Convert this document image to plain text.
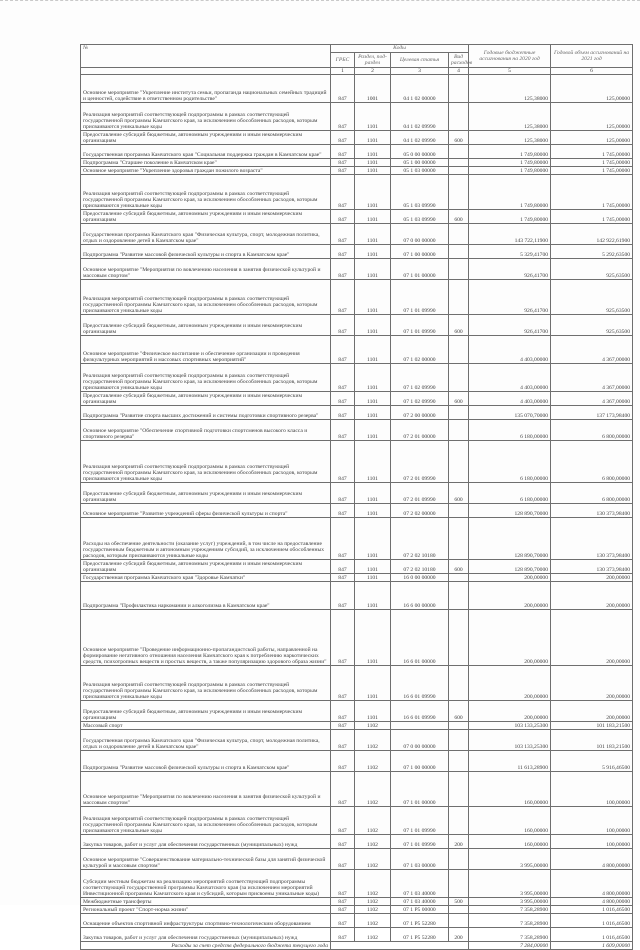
№	Коды				Годовые бюджетные ассигнования на 2020 год	Годовой объем ассигнований на 2021 год
	ГРБС	Раздел, под-раздел	Целевая статья	Вид расходов		
	1	2	3	4	5	6
Основное мероприятие "Укрепление института семьи, пропаганда национальных семейных традиций и ценностей, содействие в ответственном родительстве"	847	1001	04 1 02 00000		125,38000	125,00000
Реализация мероприятий соответствующей подпрограммы в рамках соответствующей государственной программы Камчатского края, за исключением обособленных расходов, которым присваиваются уникальные коды	847	1101	04 1 02 09990		125,38000	125,00000
Предоставление субсидий бюджетным, автономным учреждениям и иным некоммерческим организациям	847	1101	04 1 02 09990	600	125,38000	125,00000
Государственная программа Камчатского края "Социальная поддержка граждан в Камчатском крае"	847	1101	05 0 00 00000		1 749,80000	1 745,00000
Подпрограмма "Старшее поколение в Камчатском крае"	847	1101	05 1 00 00000		1 749,80000	1 745,00000
Основное мероприятие "Укрепление здоровья граждан пожилого возраста"	847	1101	05 1 03 00000		1 749,80000	1 745,00000
Реализация мероприятий соответствующей подпрограммы в рамках соответствующей государственной программы Камчатского края, за исключением обособленных расходов, которым присваиваются уникальные коды	847	1101	05 1 03 09990		1 749,80000	1 745,00000
Предоставление субсидий бюджетным, автономным учреждениям и иным некоммерческим организациям	847	1101	05 1 03 09990	600	1 749,80000	1 745,00000
Государственная программа Камчатского края "Физическая культура, спорт, молодежная политика, отдых и оздоровление детей в Камчатском крае"	847	1101	07 0 00 00000		143 722,11900	142 922,61900
Подпрограмма "Развитие массовой физической культуры и спорта в Камчатском крае"	847	1101	07 1 00 00000		5 329,41700	5 292,63500
Основное мероприятие "Мероприятия по вовлечению населения в занятия физической культурой и массовым спортом"	847	1101	07 1 01 00000		926,41700	925,63500
Реализация мероприятий соответствующей подпрограммы в рамках соответствующей государственной программы Камчатского края, за исключением обособленных расходов, которым присваиваются уникальные коды	847	1101	07 1 01 09990		926,41700	925,63500
Предоставление субсидий бюджетным, автономным учреждениям и иным некоммерческим организациям	847	1101	07 1 01 09990	600	926,41700	925,63500
Основное мероприятие "Физическое воспитание и обеспечение организации и проведения физкультурных мероприятий и массовых спортивных мероприятий"	847	1101	07 1 02 00000		4 403,00000	4 367,00000
Реализация мероприятий соответствующей подпрограммы в рамках соответствующей государственной программы Камчатского края, за исключением обособленных расходов, которым присваиваются уникальные коды	847	1101	07 1 02 09990		4 403,00000	4 367,00000
Предоставление субсидий бюджетным, автономным учреждениям и иным некоммерческим организациям	847	1101	07 1 02 09990	600	4 403,00000	4 367,00000
Подпрограмма "Развитие спорта высших достижений и системы подготовки спортивного резерва"	847	1101	07 2 00 00000		135 070,70000	137 173,98400
Основное мероприятие "Обеспечение спортивной подготовки спортсменов высокого класса и спортивного резерва"	847	1101	07 2 01 00000		6 180,00000	6 800,00000
Реализация мероприятий соответствующей подпрограммы в рамках соответствующей государственной программы Камчатского края, за исключением обособленных расходов, которым присваиваются уникальные коды	847	1101	07 2 01 09990		6 180,00000	6 800,00000
Предоставление субсидий бюджетным, автономным учреждениям и иным некоммерческим организациям	847	1101	07 2 01 09990	600	6 180,00000	6 800,00000
Основное мероприятие "Развитие учреждений сферы физической культуры и спорта"	847	1101	07 2 02 00000		128 890,70000	130 373,98400
Расходы на обеспечение деятельности (оказание услуг) учреждений, в том числе на предоставление государственным бюджетным и автономным учреждениям субсидий, за исключением обособленных расходов, которым присваиваются уникальные коды	847	1101	07 2 02 10180		128 890,70000	130 373,98400
Предоставление субсидий бюджетным, автономным учреждениям и иным некоммерческим организациям	847	1101	07 2 02 10180	600	128 890,70000	130 373,98400
Государственная программа Камчатского края "Здоровье Камчатки"	847	1101	16 0 00 00000		200,00000	200,00000
Подпрограмма "Профилактика наркомании и алкоголизма в Камчатском крае"	847	1101	16 6 00 00000		200,00000	200,00000
Основное мероприятие "Проведение информационно-пропагандистской работы, направленной на формирование негативного отношения населения Камчатского края к потреблению наркотических средств, психотропных веществ и простых веществ, а также популяризацию здорового образа жизни"	847	1101	16 6 01 00000		200,00000	200,00000
Реализация мероприятий соответствующей подпрограммы в рамках соответствующей государственной программы Камчатского края, за исключением обособленных расходов, которым присваиваются уникальные коды	847	1101	16 6 01 09990		200,00000	200,00000
Предоставление субсидий бюджетным, автономным учреждениям и иным некоммерческим организациям	847	1101	16 6 01 09990	600	200,00000	200,00000
Массовый спорт	847	1102			103 133,25300	101 183,21500
Государственная программа Камчатского края "Физическая культура, спорт, молодежная политика, отдых и оздоровление детей в Камчатском крае"	847	1102	07 0 00 00000		103 133,25300	101 183,21500
Подпрограмма "Развитие массовой физической культуры и спорта в Камчатском крае"	847	1102	07 1 00 00000		11 613,28900	5 916,46500
Основное мероприятие "Мероприятия по вовлечению населения в занятия физической культурой и массовым спортом"	847	1102	07 1 01 00000		160,00000	100,00000
Реализация мероприятий соответствующей подпрограммы в рамках соответствующей государственной программы Камчатского края, за исключением обособленных расходов, которым присваиваются уникальные коды	847	1102	07 1 01 09990		160,00000	100,00000
Закупка товаров, работ и услуг для обеспечения государственных (муниципальных) нужд	847	1102	07 1 01 09990	200	160,00000	100,00000
Основное мероприятие "Совершенствование материально-технической базы для занятий физической культурой и массовым спортом"	847	1102	07 1 03 00000		3 995,00000	4 800,00000
Субсидии местным бюджетам на реализацию мероприятий соответствующей подпрограммы соответствующей государственной программы Камчатского края (за исключением мероприятий Инвестиционной программы Камчатского края и субсидий, которым присвоены уникальные коды)	847	1102	07 1 03 40000		3 995,00000	4 800,00000
Межбюджетные трансферты	847	1102	07 1 03 40000	500	3 995,00000	4 800,00000
Региональный проект "Спорт-норма жизни"	847	1102	07 1 P5 00000		7 358,28900	1 016,46500
Оснащение объектов спортивной инфраструктуры спортивно-технологическим оборудованием	847	1102	07 1 P5 52280		7 358,28900	1 016,46500
Закупка товаров, работ и услуг для обеспечения государственных (муниципальных) нужд	847	1102	07 1 P5 52280	200	7 358,28900	1 016,46500
Расходы за счет средств федерального бюджета текущего года					7 284,00000	1 609,00000
